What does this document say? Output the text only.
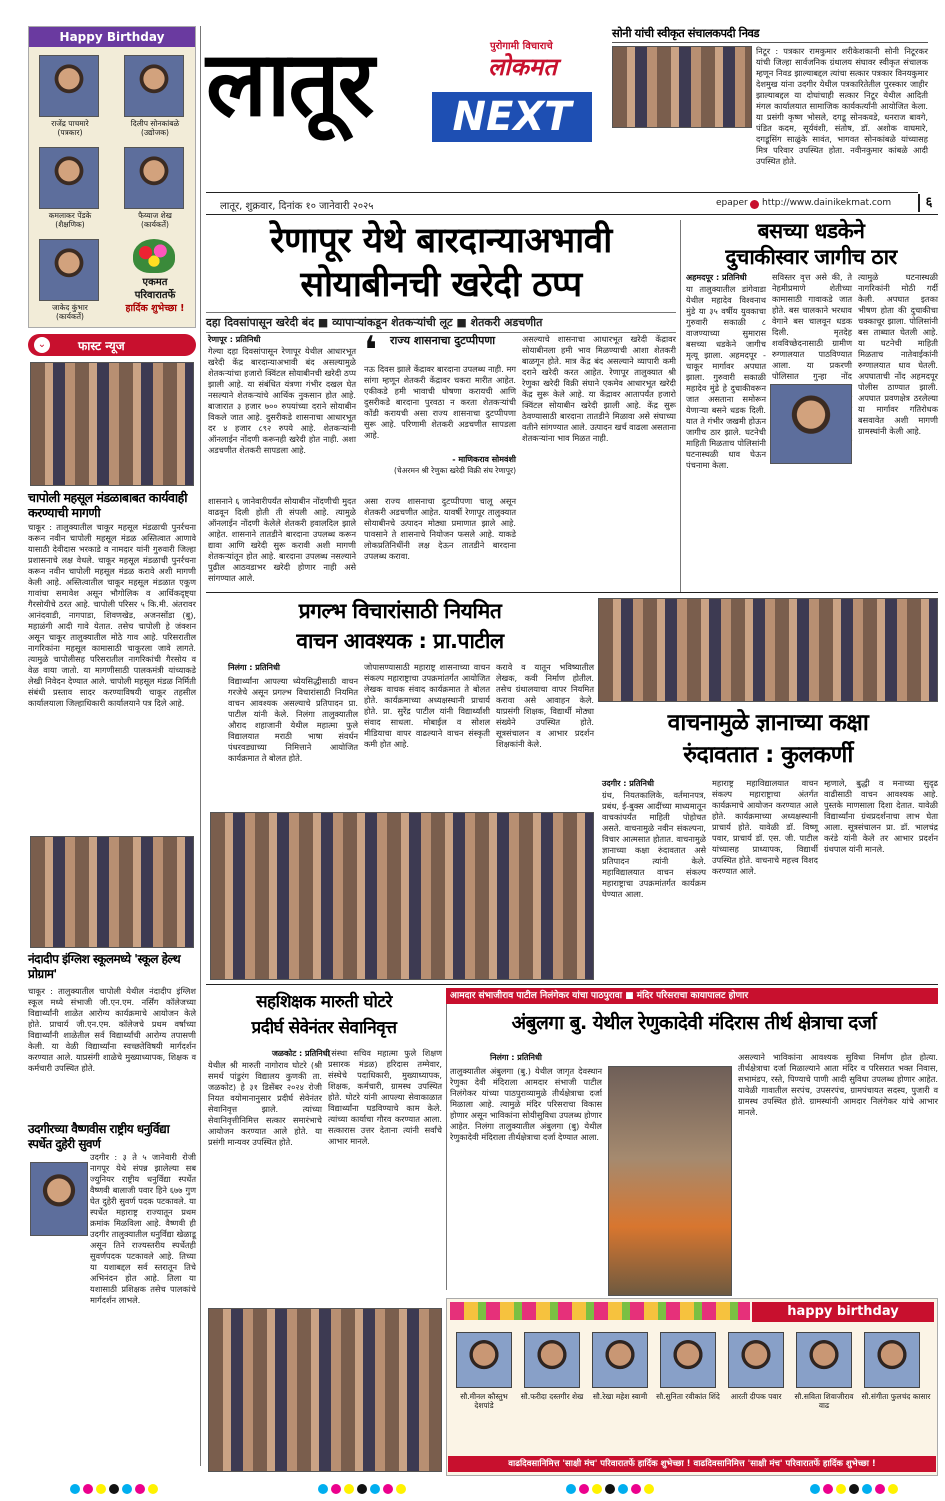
Happy Birthday
राजेंद्र पाचमारे
(पत्रकार)
दिलीप सोनकांबळे
(उद्योजक)
कमलाकर पेंडके
(शैक्षणिक)
फैय्याज शेख
(कार्यकर्ते)
जाकेद कुंभार
(कार्यकर्ते)
एकमत
परिवारातर्फे
हार्दिक शुभेच्छा !
⌄	फास्ट न्यूज
चापोली महसूल मंडळाबाबत कार्यवाही करण्याची मागणी
चाकूर : तालुक्यातील चाकूर महसूल मंडळाची पुनर्रचना करून नवीन चापोली महसूल मंडळ अस्तित्वात आणावे यासाठी देवीदास भरकाडे व नामदार यांनी गुरुवारी जिल्हा प्रशासनाचे लक्ष वेधले. चाकूर महसूल मंडळाची पुनर्रचना करून नवीन चापोली महसूल मंडळ करावे अशी मागणी केली आहे. अस्तित्वातील चाकूर महसूल मंडळात एकूण गावांचा समावेश असून भौगोलिक व आर्थिकदृष्ट्या गैरसोयीचे ठरत आहे. चापोली परिसर ५ कि.मी. अंतरावर आनंदवाडी, नागपाडा, शिवणखेड, अजनसोंडा (बु), महाळंगी आदी गावे येतात. तसेच चापोली हे जंक्शन असून चाकूर तालुक्यातील मोठे गाव आहे. परिसरातील नागरिकांना महसूल कामासाठी चाकूरला जावे लागते. त्यामुळे चापोलीसह परिसरातील नागरिकांची गैरसोय व वेळ वाया जातो. या मागणीसाठी पालकमंत्री यांच्याकडे लेखी निवेदन देण्यात आले. चापोली महसूल मंडळ निर्मिती संबंधी प्रस्ताव सादर करण्याविषयी चाकूर तहसील कार्यालयाला जिल्हाधिकारी कार्यालयाने पत्र दिले आहे.
नंदादीप इंग्लिश स्कूलमध्ये 'स्कूल हेल्थ प्रोग्राम'
चाकूर : तालुक्यातील चापोली येथील नंदादीप इंग्लिश स्कूल मध्ये संभाजी जी.एन.एम. नर्सिंग कॉलेजच्या विद्यार्थ्यांनी शाळेत आरोग्य कार्यक्रमाचे आयोजन केले होते. प्राचार्य जी.एन.एम. कॉलेजचे प्रथम वर्षाच्या विद्यार्थ्यांनी शाळेतील सर्व विद्यार्थ्यांची आरोग्य तपासणी केली. या वेळी विद्यार्थ्यांना स्वच्छतेविषयी मार्गदर्शन करण्यात आले. याप्रसंगी शाळेचे मुख्याध्यापक, शिक्षक व कर्मचारी उपस्थित होते.
उदगीरच्या वैष्णवीस राष्ट्रीय धनुर्विद्या स्पर्धेत दुहेरी सुवर्ण
उदगीर : ३ ते ५ जानेवारी रोजी नागपूर येथे संपन्न झालेल्या सब ज्युनियर राष्ट्रीय धनुर्विद्या स्पर्धेत वैष्णवी बालाजी पवार हिने ६७७ गुण घेत दुहेरी सुवर्ण पदक पटकावले. या स्पर्धेत महाराष्ट्र राज्यातून प्रथम क्रमांक मिळविला आहे. वैष्णवी ही उदगीर तालुक्यातील धनुर्विद्या खेळाडू असून तिने राज्यस्तरीय स्पर्धेतही सुवर्णपदक पटकावले आहे. तिच्या या यशाबद्दल सर्व स्तरातून तिचे अभिनंदन होत आहे. तिला या यशासाठी प्रशिक्षक तसेच पालकांचे मार्गदर्शन लाभले.
लातूर	पुरोगामी विचाराचे
लोकमत
NEXT
लातूर, शुक्रवार, दिनांक १० जानेवारी २०२५	epaper http://www.dainikekmat.com	६
सोनी यांची स्वीकृत संचालकपदी निवड
निटूर : पत्रकार रामकुमार शरीकेशकानी सोनी निटूरकर यांची जिल्हा सार्वजनिक ग्रंथालय संघावर स्वीकृत संचालक म्हणून निवड झाल्याबद्दल त्यांचा सत्कार पत्रकार विनयकुमार देशमुख यांना उदगीर येथील पत्रकारितेतील पुरस्कार जाहीर झाल्याबद्दल या दोघांचाही सत्कार निटूर येथील आदिती मंगल कार्यालयात सामाजिक कार्यकर्त्यांनी आयोजित केला. या प्रसंगी कृष्ण भोसले, दगडू सोनकवडे, धनराज बावगे, पंडित कदम, सूर्यवंशी, संतोष, डॉ. अशोक वाघमारे, दगडूसिंग साळुंके सावंत, भागवत सोनकांबळे यांच्यासह मित्र परिवार उपस्थित होता. नवीनकुमार कांबळे आदी उपस्थित होते.
रेणापूर येथे बारदान्याअभावी
सोयाबीनची खरेदी ठप्प
दहा दिवसांपासून खरेदी बंद ■ व्यापाऱ्यांकडून शेतकऱ्यांची लूट ■ शेतकरी अडचणीत
रेणापूर : प्रतिनिधी
गेल्या दहा दिवसांपासून रेणापूर येथील आधारभूत खरेदी केंद्र बारदान्याअभावी बंद असल्यामुळे शेतकऱ्यांचा हजारो क्विंटल सोयाबीनची खरेदी ठप्प झाली आहे. या संबंधित यंत्रणा गंभीर दखल घेत नसल्याने शेतकऱ्यांचे आर्थिक नुकसान होत आहे. बाजारात ३ हजार ७०० रुपयांच्या दराने सोयाबीन विकले जात आहे. दुसरीकडे शासनाचा आधारभूत दर ४ हजार ८९२ रुपये आहे. शेतकऱ्यांनी ऑनलाईन नोंदणी करूनही खरेदी होत नाही. अशा अडचणीत शेतकरी सापडला आहे.
❛ राज्य शासनाचा दुटप्पीपणा
नऊ दिवस झाले केंद्रावर बारदाना उपलब्ध नाही. मग सांगा म्हणून शेतकरी केंद्रावर चकरा मारीत आहेत. एकीकडे हमी भावाची घोषणा करायची आणि दुसरीकडे बारदाना पुरवठा न करता शेतकऱ्यांची कोंडी करायची असा राज्य शासनाचा दुटप्पीपणा सुरू आहे. परिणामी शेतकरी अडचणीत सापडला आहे.
- माणिकराव सोमवंशी
(चेअरमन श्री रेणुका खरेदी विक्री संघ रेणापूर)
शासनाने ६ जानेवारीपर्यंत सोयाबीन नोंदणीची मुदत वाढवून दिली होती ती संपली आहे. त्यामुळे ऑनलाईन नोंदणी केलेले शेतकरी हवालदिल झाले आहेत. शासनाने तातडीने बारदाना उपलब्ध करून द्यावा आणि खरेदी सुरू करावी अशी मागणी शेतकऱ्यांतून होत आहे. बारदाना उपलब्ध नसल्याने पुढील आठवडाभर खरेदी होणार नाही असे सांगण्यात आले.
असा राज्य शासनाचा दुटप्पीपणा चालू असून शेतकरी अडचणीत आहेत. यावर्षी रेणापूर तालुक्यात सोयाबीनचे उत्पादन मोठ्या प्रमाणात झाले आहे. पावसाने ते शासनाचे नियोजन फसले आहे. याकडे लोकप्रतिनिधींनी लक्ष देऊन तातडीने बारदाना उपलब्ध करावा.
असल्याचे शासनाचा आधारभूत खरेदी केंद्रावर सोयाबीनला हमी भाव मिळण्याची आशा शेतकरी बाळगून होते. मात्र केंद्र बंद असल्याने व्यापारी कमी दराने खरेदी करत आहेत. रेणापूर तालुक्यात श्री रेणुका खरेदी विक्री संघाने एकमेव आधारभूत खरेदी केंद्र सुरू केले आहे. या केंद्रावर आतापर्यंत हजारो क्विंटल सोयाबीन खरेदी झाली आहे. केंद्र सुरू ठेवण्यासाठी बारदाना तातडीने मिळावा असे संघाच्या वतीने सांगण्यात आले. उत्पादन खर्च वाढला असताना शेतकऱ्यांना भाव मिळत नाही.
बसच्या धडकेने
दुचाकीस्वार जागीच ठार
अहमदपूर : प्रतिनिधी
या तालुक्यातील डांगेवाडा येथील महादेव विश्वनाथ मुंडे या ३५ वर्षीय युवकाचा गुरुवारी सकाळी ८ वाजण्याच्या सुमारास बसच्या धडकेने जागीच मृत्यू झाला. अहमदपूर - चाकूर मार्गावर अपघात झाला. गुरुवारी सकाळी महादेव मुंडे हे दुचाकीवरून जात असताना समोरून येणाऱ्या बसने धडक दिली. यात ते गंभीर जखमी होऊन जागीच ठार झाले. घटनेची माहिती मिळताच पोलिसांनी घटनास्थळी धाव घेऊन पंचनामा केला.
सविस्तर वृत्त असे की, ते नेहमीप्रमाणे शेतीच्या कामासाठी गावाकडे जात होते. बस चालकाने भरधाव वेगाने बस चालवून धडक दिली. मृतदेह शवविच्छेदनासाठी ग्रामीण रुग्णालयात पाठविण्यात आला. या प्रकरणी पोलिसात गुन्हा नोंद
त्यामुळे घटनास्थळी नागरिकांनी मोठी गर्दी केली. अपघात इतका भीषण होता की दुचाकीचा चक्काचूर झाला. पोलिसांनी बस ताब्यात घेतली आहे. या घटनेची माहिती मिळताच नातेवाईकांनी रुग्णालयात धाव घेतली. अपघाताची नोंद अहमदपूर पोलीस ठाण्यात झाली. अपघात प्रवणक्षेत्र ठरलेल्या या मार्गावर गतिरोधक बसवावेत अशी मागणी ग्रामस्थांनी केली आहे.
प्रगल्भ विचारांसाठी नियमित
वाचन आवश्यक : प्रा.पाटील
निलंगा : प्रतिनिधी
विद्यार्थ्यांना आपल्या ध्येयसिद्धीसाठी वाचन गरजेचे असून प्रगल्भ विचारांसाठी नियमित वाचन आवश्यक असल्याचे प्रतिपादन प्रा. पाटील यांनी केले. निलंगा तालुक्यातील औराद शहाजानी येथील महात्मा फुले विद्यालयात मराठी भाषा संवर्धन पंधरवड्याच्या निमित्ताने आयोजित कार्यक्रमात ते बोलत होते.
जोपासण्यासाठी महाराष्ट्र शासनाच्या वाचन संकल्प महाराष्ट्राचा उपक्रमांतर्गत आयोजित लेखक वाचक संवाद कार्यक्रमात ते बोलत होते. कार्यक्रमाच्या अध्यक्षस्थानी प्राचार्य होते. प्रा. सुरेंद्र पाटील यांनी विद्यार्थ्यांशी संवाद साधला. मोबाईल व सोशल मीडियाचा वापर वाढल्याने वाचन संस्कृती कमी होत आहे.
करावे व यातून भविष्यातील लेखक, कवी निर्माण होतील. तसेच ग्रंथालयाचा वापर नियमित करावा असे आवाहन केले. याप्रसंगी शिक्षक, विद्यार्थी मोठ्या संख्येने उपस्थित होते. सूत्रसंचालन व आभार प्रदर्शन शिक्षकांनी केले.
वाचनामुळे ज्ञानाच्या कक्षा
रुंदावतात : कुलकर्णी
उदगीर : प्रतिनिधी
ग्रंथ, नियतकालिके, वर्तमानपत्र, प्रबंध, ई-बुक्स आदींच्या माध्यमातून वाचकांपर्यंत माहिती पोहोचत असते. वाचनामुळे नवीन संकल्पना, विचार आत्मसात होतात. वाचनामुळे ज्ञानाच्या कक्षा रुंदावतात असे प्रतिपादन त्यांनी केले. महाविद्यालयात वाचन संकल्प महाराष्ट्राचा उपक्रमांतर्गत कार्यक्रम घेण्यात आला.
महाराष्ट्र महाविद्यालयात वाचन संकल्प महाराष्ट्राचा अंतर्गत कार्यक्रमाचे आयोजन करण्यात आले होते. कार्यक्रमाच्या अध्यक्षस्थानी प्राचार्य होते. यावेळी डॉ. विष्णू पवार, प्राचार्य डॉ. एस. जी. पाटील यांच्यासह प्राध्यापक, विद्यार्थी उपस्थित होते. वाचनाचे महत्त्व विशद करण्यात आले.
म्हणाले, बुद्धी व मनाच्या सुदृढ वाढीसाठी वाचन आवश्यक आहे. पुस्तके माणसाला दिशा देतात. यावेळी विद्यार्थ्यांना ग्रंथप्रदर्शनाचा लाभ घेता आला. सूत्रसंचालन प्रा. डॉ. भालचंद्र करंडे यांनी केले तर आभार प्रदर्शन ग्रंथपाल यांनी मानले.
सहशिक्षक मारुती घोटरे
प्रदीर्घ सेवेनंतर सेवानिवृत्त
जळकोट : प्रतिनिधी
येथील श्री मारुती नागोराव घोटरे (श्री समर्थ पांडुरंग विद्यालय कुणकी ता. जळकोट) हे ३१ डिसेंबर २०२४ रोजी नियत वयोमानानुसार प्रदीर्घ सेवेनंतर सेवानिवृत्त झाले. त्यांच्या सेवानिवृत्तीनिमित्त सत्कार समारंभाचे आयोजन करण्यात आले होते. या प्रसंगी मान्यवर उपस्थित होते.
(संस्था सचिव महात्मा फुले शिक्षण प्रसारक मंडळ) हरिदास तम्मेवार, संस्थेचे पदाधिकारी, मुख्याध्यापक, शिक्षक, कर्मचारी, ग्रामस्थ उपस्थित होते. घोटरे यांनी आपल्या सेवाकाळात विद्यार्थ्यांना घडविण्याचे काम केले. त्यांच्या कार्याचा गौरव करण्यात आला. सत्कारास उत्तर देताना त्यांनी सर्वांचे आभार मानले.
आमदार संभाजीराव पाटील निलंगेकर यांचा पाठपुरावा ■ मंदिर परिसराचा कायापालट होणार
अंबुलगा बु. येथील रेणुकादेवी मंदिरास तीर्थ क्षेत्राचा दर्जा
निलंगा : प्रतिनिधी
तालुक्यातील अंबुलगा (बु.) येथील जागृत देवस्थान रेणुका देवी मंदिराला आमदार संभाजी पाटील निलंगेकर यांच्या पाठपुराव्यामुळे तीर्थक्षेत्राचा दर्जा मिळाला आहे. त्यामुळे मंदिर परिसराचा विकास होणार असून भाविकांना सोयीसुविधा उपलब्ध होणार आहेत. निलंगा तालुक्यातील अंबुलगा (बु) येथील रेणुकादेवी मंदिराला तीर्थक्षेत्राचा दर्जा देण्यात आला.
असल्याने भाविकांना आवश्यक सुविधा निर्माण होत होत्या. तीर्थक्षेत्राचा दर्जा मिळाल्याने आता मंदिर व परिसरात भक्त निवास, सभामंडप, रस्ते, पिण्याचे पाणी आदी सुविधा उपलब्ध होणार आहेत. यावेळी गावातील सरपंच, उपसरपंच, ग्रामपंचायत सदस्य, पुजारी व ग्रामस्थ उपस्थित होते. ग्रामस्थांनी आमदार निलंगेकर यांचे आभार मानले.
happy birthday
सौ.मीनल कौस्तुभ देशपांडे
सौ.फरीदा दस्तगीर शेख	सौ.रेखा महेश स्वामी	सौ.सुनिता रवीकांत शिंदे	आरती दीपक पवार	सौ.सविता शिवाजीराव वाढ
सौ.संगीता फुलचंद कासार
वाढदिवसानिमित्त 'साक्षी मंच' परिवारातर्फे हार्दिक शुभेच्छा ! वाढदिवसानिमित्त 'साक्षी मंच' परिवारातर्फे हार्दिक शुभेच्छा !
